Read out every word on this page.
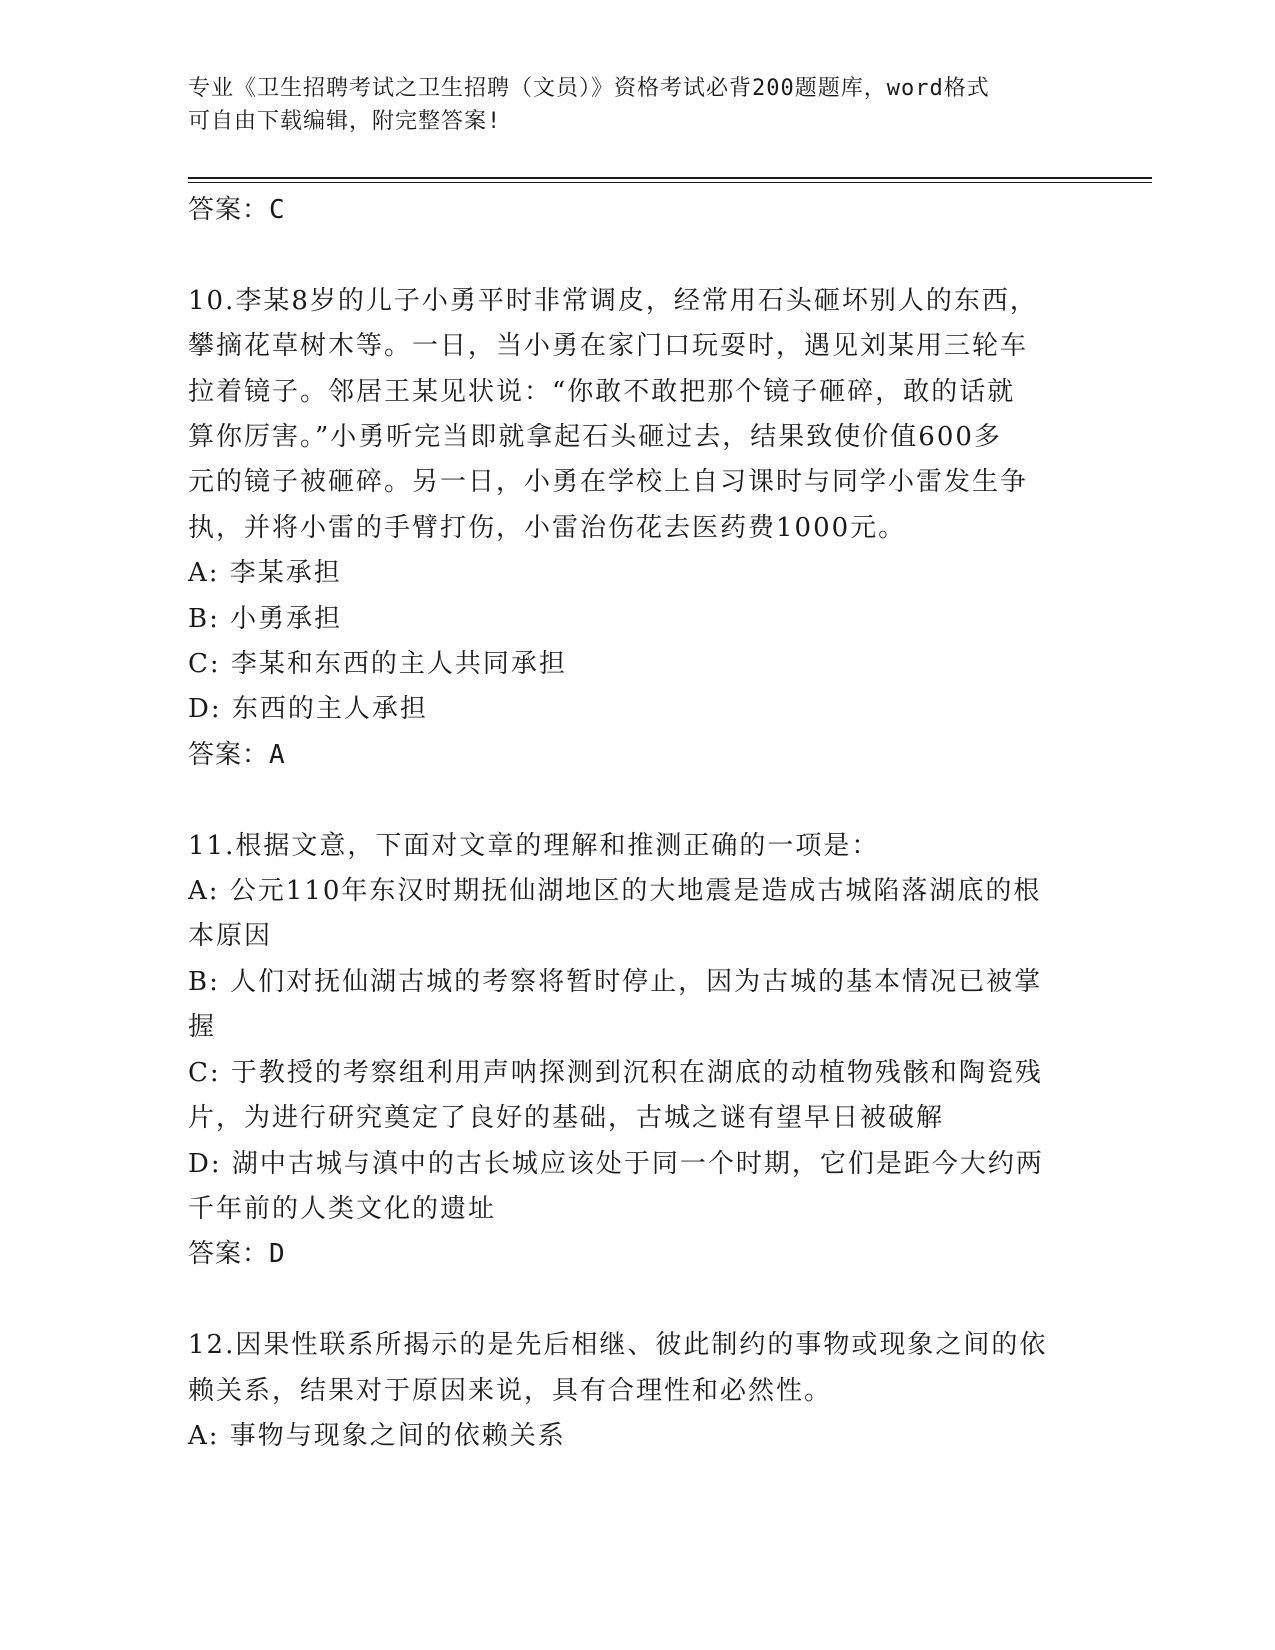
专业《卫生招聘考试之卫生招聘（文员）》资格考试必背200题题库，word格式
可自由下载编辑，附完整答案!
答案：C
10.李某8岁的儿子小勇平时非常调皮，经常用石头砸坏别人的东西，
攀摘花草树木等。一日，当小勇在家门口玩耍时，遇见刘某用三轮车
拉着镜子。邻居王某见状说：“你敢不敢把那个镜子砸碎，敢的话就
算你厉害。”小勇听完当即就拿起石头砸过去，结果致使价值600多
元的镜子被砸碎。另一日，小勇在学校上自习课时与同学小雷发生争
执，并将小雷的手臂打伤，小雷治伤花去医药费1000元。
A: 李某承担
B: 小勇承担
C: 李某和东西的主人共同承担
D: 东西的主人承担
答案：A
11.根据文意，下面对文章的理解和推测正确的一项是：
A: 公元110年东汉时期抚仙湖地区的大地震是造成古城陷落湖底的根
本原因
B: 人们对抚仙湖古城的考察将暂时停止，因为古城的基本情况已被掌
握
C: 于教授的考察组利用声呐探测到沉积在湖底的动植物残骸和陶瓷残
片，为进行研究奠定了良好的基础，古城之谜有望早日被破解
D: 湖中古城与滇中的古长城应该处于同一个时期，它们是距今大约两
千年前的人类文化的遗址
答案：D
12.因果性联系所揭示的是先后相继、彼此制约的事物或现象之间的依
赖关系，结果对于原因来说，具有合理性和必然性。
A: 事物与现象之间的依赖关系
